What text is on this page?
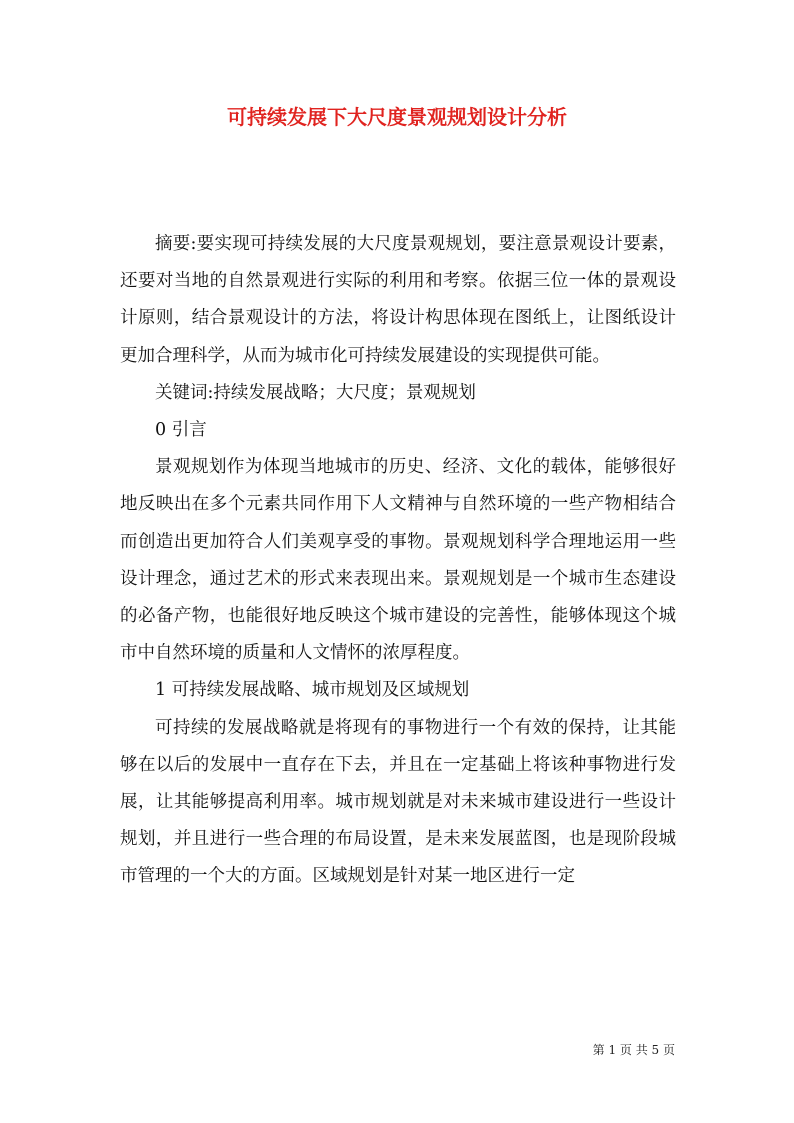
可持续发展下大尺度景观规划设计分析

摘要:要实现可持续发展的大尺度景观规划，要注意景观设计要素，还要对当地的自然景观进行实际的利用和考察。依据三位一体的景观设计原则，结合景观设计的方法，将设计构思体现在图纸上，让图纸设计更加合理科学，从而为城市化可持续发展建设的实现提供可能。

关键词:持续发展战略；大尺度；景观规划

0 引言

景观规划作为体现当地城市的历史、经济、文化的载体，能够很好地反映出在多个元素共同作用下人文精神与自然环境的一些产物相结合而创造出更加符合人们美观享受的事物。景观规划科学合理地运用一些设计理念，通过艺术的形式来表现出来。景观规划是一个城市生态建设的必备产物，也能很好地反映这个城市建设的完善性，能够体现这个城市中自然环境的质量和人文情怀的浓厚程度。

1 可持续发展战略、城市规划及区域规划

可持续的发展战略就是将现有的事物进行一个有效的保持，让其能够在以后的发展中一直存在下去，并且在一定基础上将该种事物进行发展，让其能够提高利用率。城市规划就是对未来城市建设进行一些设计规划，并且进行一些合理的布局设置，是未来发展蓝图，也是现阶段城市管理的一个大的方面。区域规划是针对某一地区进行一定

第 1 页 共 5 页
